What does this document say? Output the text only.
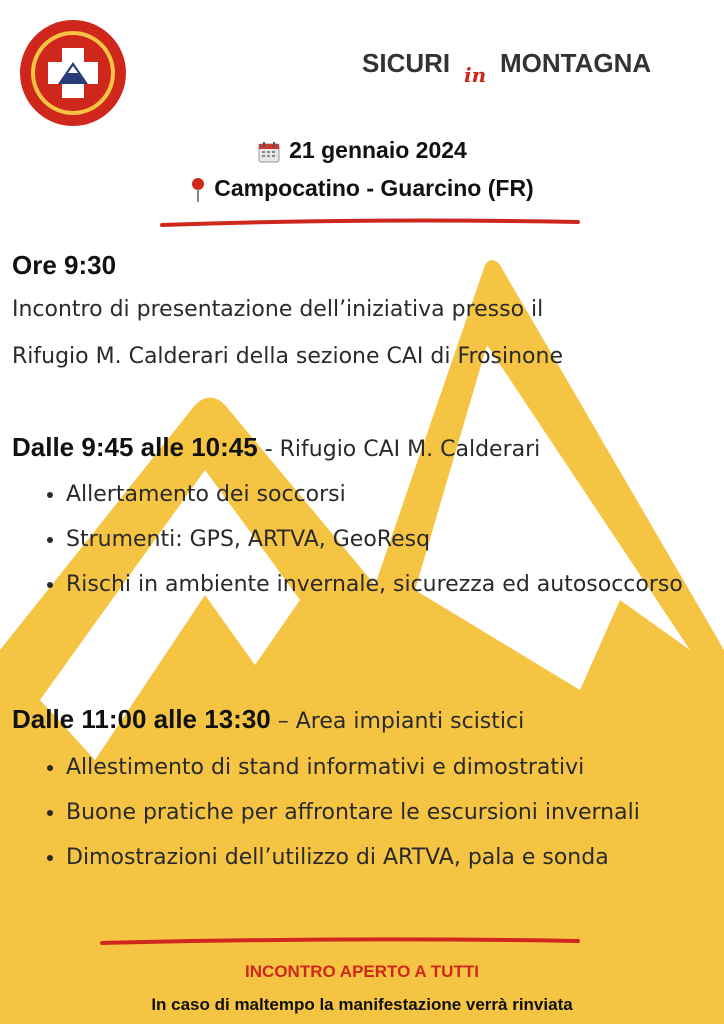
SICURI in MONTAGNA
21 gennaio 2024
Campocatino - Guarcino (FR)
Ore 9:30
Incontro di presentazione dell’iniziativa presso il
Rifugio M. Calderari della sezione CAI di Frosinone
Dalle 9:45 alle 10:45 - Rifugio CAI M. Calderari
• Allertamento dei soccorsi
• Strumenti: GPS, ARTVA, GeoResq
• Rischi in ambiente invernale, sicurezza ed autosoccorso
Dalle 11:00 alle 13:30 – Area impianti scistici
• Allestimento di stand informativi e dimostrativi
• Buone pratiche per affrontare le escursioni invernali
• Dimostrazioni dell’utilizzo di ARTVA, pala e sonda
INCONTRO APERTO A TUTTI
In caso di maltempo la manifestazione verrà rinviata
